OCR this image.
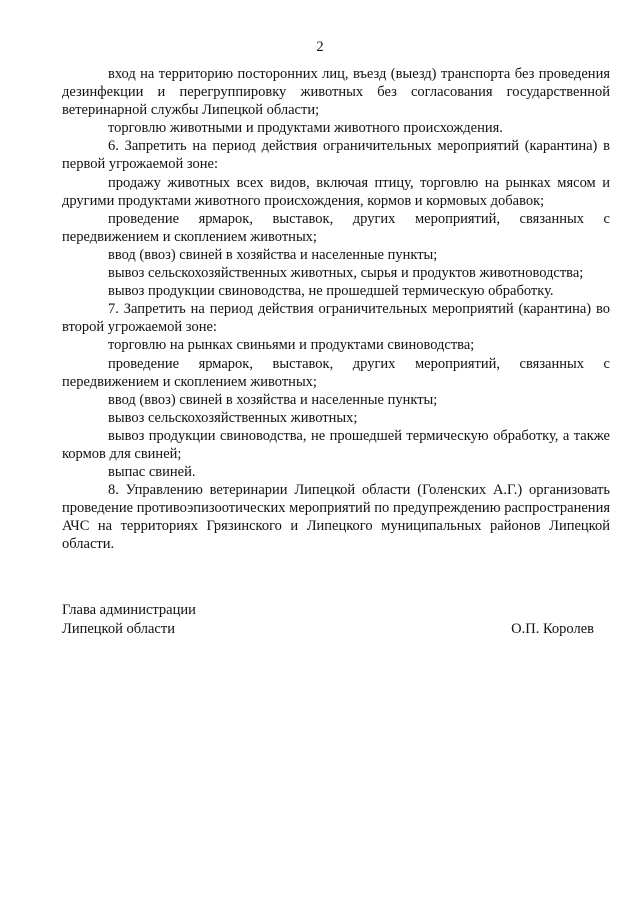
2

вход на территорию посторонних лиц, въезд (выезд) транспорта без проведения дезинфекции и перегруппировку животных без согласования государственной ветеринарной службы Липецкой области;

торговлю животными и продуктами животного происхождения.

6. Запретить на период действия ограничительных мероприятий (карантина) в первой угрожаемой зоне:

продажу животных всех видов, включая птицу, торговлю на рынках мясом и другими продуктами животного происхождения, кормов и кормовых добавок;

проведение ярмарок, выставок, других мероприятий, связанных с передвижением и скоплением животных;

ввод (ввоз) свиней в хозяйства и населенные пункты;

вывоз сельскохозяйственных животных, сырья и продуктов животноводства;

вывоз продукции свиноводства, не прошедшей термическую обработку.

7. Запретить на период действия ограничительных мероприятий (карантина) во второй угрожаемой зоне:

торговлю на рынках свиньями и продуктами свиноводства;

проведение ярмарок, выставок, других мероприятий, связанных с передвижением и скоплением животных;

ввод (ввоз) свиней в хозяйства и населенные пункты;

вывоз сельскохозяйственных животных;

вывоз продукции свиноводства, не прошедшей термическую обработку, а также кормов для свиней;

выпас свиней.

8. Управлению ветеринарии Липецкой области (Голенских А.Г.) организовать проведение противоэпизоотических мероприятий по предупреждению распространения АЧС на территориях Грязинского и Липецкого муниципальных районов Липецкой области.

Глава администрации
Липецкой области	О.П. Королев
